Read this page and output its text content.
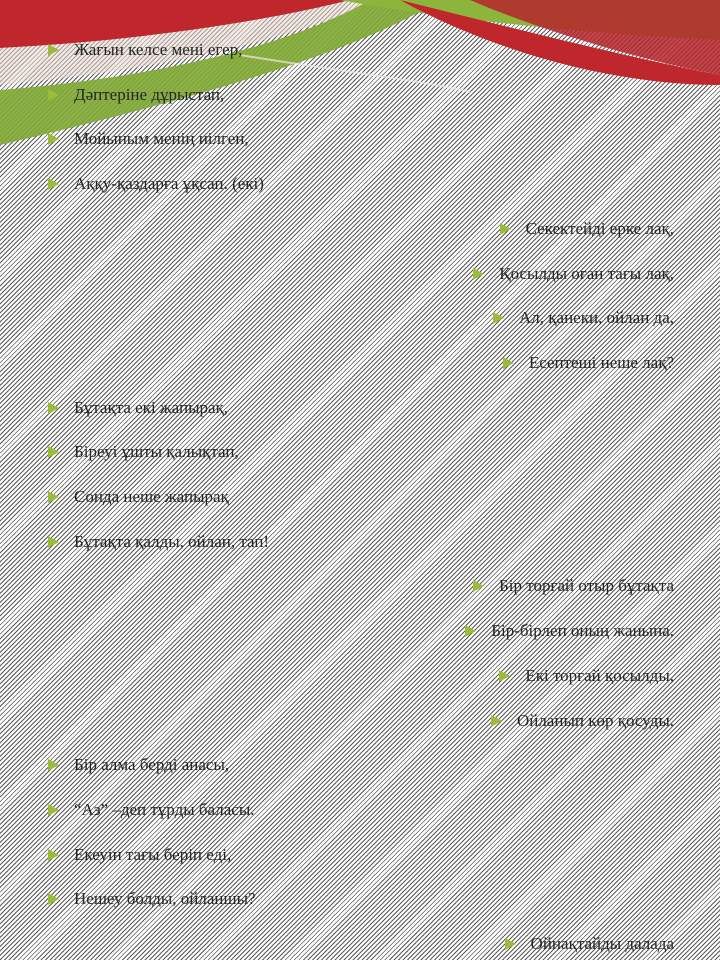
Жағын келсе мені егер,
Дәптеріне дұрыстап,
Мойыным менің иілген,
Аққу-қаздарға ұқсап. (екі)
Секектейді ерке лақ,
Қосылды оған тағы лақ,
Ал, қанеки, ойлан да,
Есептеші неше лақ?
Бұтақта екі жапырақ,
Біреуі ұшты қалықтап,
Сонда неше жапырақ
Бұтақта қалды, ойлан, тап!
Бір торғай отыр бұтақта
Бір-бірлеп оның жанына.
Екі торғай қосылды,
Ойланып көр қосуды.
Бір алма берді анасы,
“Аз” –деп тұрды баласы.
Екеуін тағы беріп еді,
Нешеу болды, ойланшы?
Ойнақтайды далада
